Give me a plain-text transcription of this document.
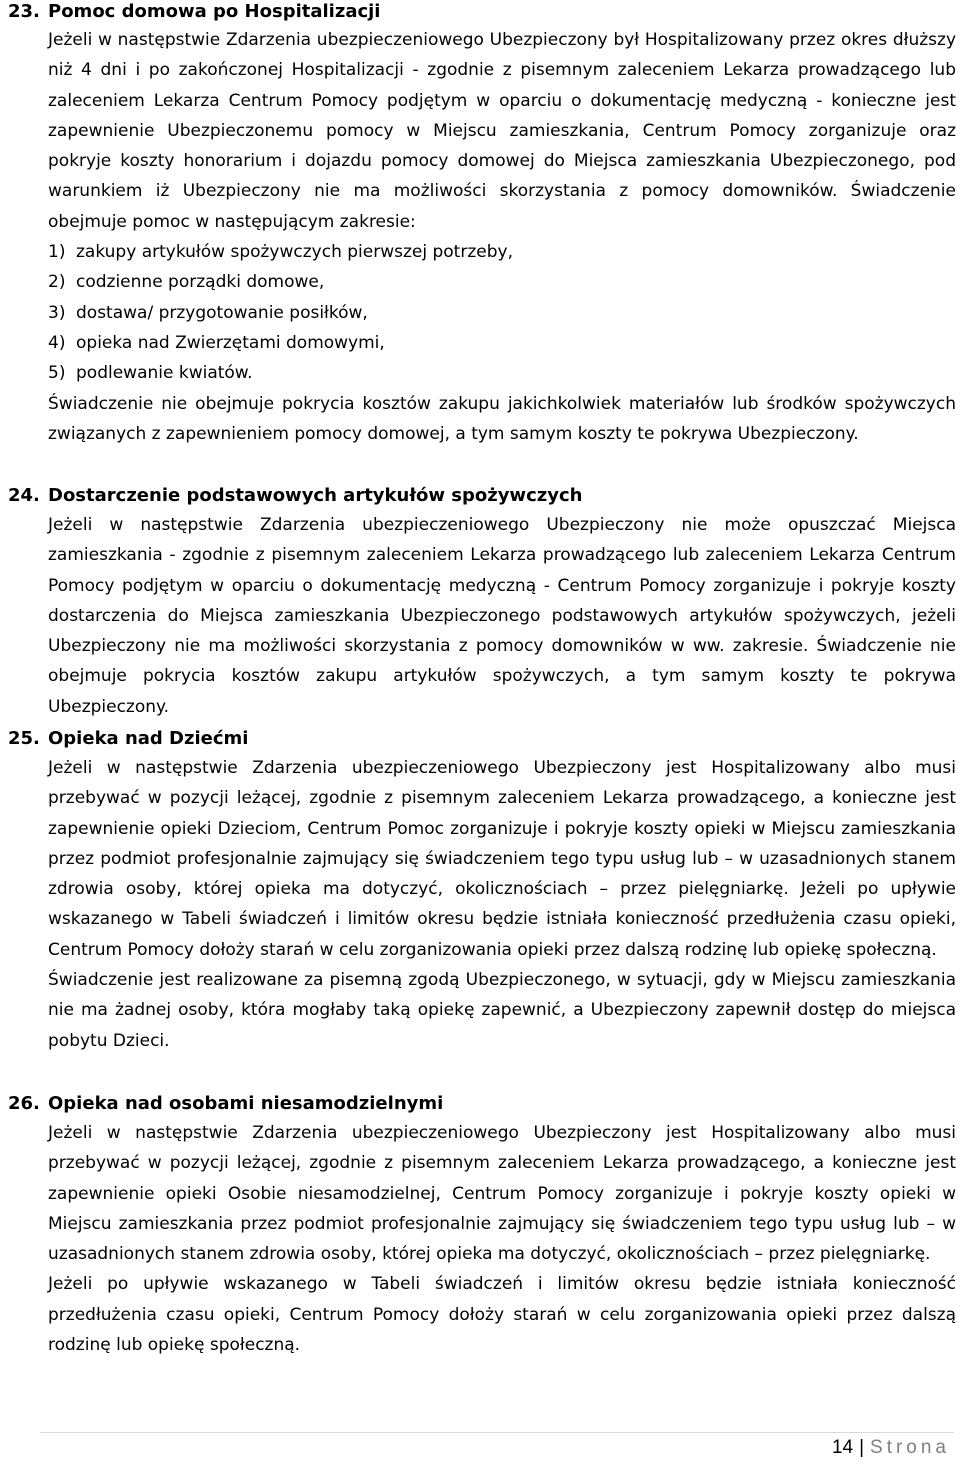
23. Pomoc domowa po Hospitalizacji

Jeżeli w następstwie Zdarzenia ubezpieczeniowego Ubezpieczony był Hospitalizowany przez okres dłuższy niż 4 dni i po zakończonej Hospitalizacji - zgodnie z pisemnym zaleceniem Lekarza prowadzącego lub zaleceniem Lekarza Centrum Pomocy podjętym w oparciu o dokumentację medyczną - konieczne jest zapewnienie Ubezpieczonemu pomocy w Miejscu zamieszkania, Centrum Pomocy zorganizuje oraz pokryje koszty honorarium i dojazdu pomocy domowej do Miejsca zamieszkania Ubezpieczonego, pod warunkiem iż Ubezpieczony nie ma możliwości skorzystania z pomocy domowników. Świadczenie obejmuje pomoc w następującym zakresie:

1) zakupy artykułów spożywczych pierwszej potrzeby,
2) codzienne porządki domowe,
3) dostawa/ przygotowanie posiłków,
4) opieka nad Zwierzętami domowymi,
5) podlewanie kwiatów.

Świadczenie nie obejmuje pokrycia kosztów zakupu jakichkolwiek materiałów lub środków spożywczych związanych z zapewnieniem pomocy domowej, a tym samym koszty te pokrywa Ubezpieczony.

24. Dostarczenie podstawowych artykułów spożywczych

Jeżeli w następstwie Zdarzenia ubezpieczeniowego Ubezpieczony nie może opuszczać Miejsca zamieszkania - zgodnie z pisemnym zaleceniem Lekarza prowadzącego lub zaleceniem Lekarza Centrum Pomocy podjętym w oparciu o dokumentację medyczną - Centrum Pomocy zorganizuje i pokryje koszty dostarczenia do Miejsca zamieszkania Ubezpieczonego podstawowych artykułów spożywczych, jeżeli Ubezpieczony nie ma możliwości skorzystania z pomocy domowników w ww. zakresie. Świadczenie nie obejmuje pokrycia kosztów zakupu artykułów spożywczych, a tym samym koszty te pokrywa Ubezpieczony.

25. Opieka nad Dziećmi

Jeżeli w następstwie Zdarzenia ubezpieczeniowego Ubezpieczony jest Hospitalizowany albo musi przebywać w pozycji leżącej, zgodnie z pisemnym zaleceniem Lekarza prowadzącego, a konieczne jest zapewnienie opieki Dzieciom, Centrum Pomoc zorganizuje i pokryje koszty opieki w Miejscu zamieszkania przez podmiot profesjonalnie zajmujący się świadczeniem tego typu usług lub – w uzasadnionych stanem zdrowia osoby, której opieka ma dotyczyć, okolicznościach – przez pielęgniarkę. Jeżeli po upływie wskazanego w Tabeli świadczeń i limitów okresu będzie istniała konieczność przedłużenia czasu opieki, Centrum Pomocy dołoży starań w celu zorganizowania opieki przez dalszą rodzinę lub opiekę społeczną.

Świadczenie jest realizowane za pisemną zgodą Ubezpieczonego, w sytuacji, gdy w Miejscu zamieszkania nie ma żadnej osoby, która mogłaby taką opiekę zapewnić, a Ubezpieczony zapewnił dostęp do miejsca pobytu Dzieci.

26. Opieka nad osobami niesamodzielnymi

Jeżeli w następstwie Zdarzenia ubezpieczeniowego Ubezpieczony jest Hospitalizowany albo musi przebywać w pozycji leżącej, zgodnie z pisemnym zaleceniem Lekarza prowadzącego, a konieczne jest zapewnienie opieki Osobie niesamodzielnej, Centrum Pomocy zorganizuje i pokryje koszty opieki w Miejscu zamieszkania przez podmiot profesjonalnie zajmujący się świadczeniem tego typu usług lub – w uzasadnionych stanem zdrowia osoby, której opieka ma dotyczyć, okolicznościach – przez pielęgniarkę.

Jeżeli po upływie wskazanego w Tabeli świadczeń i limitów okresu będzie istniała konieczność przedłużenia czasu opieki, Centrum Pomocy dołoży starań w celu zorganizowania opieki przez dalszą rodzinę lub opiekę społeczną.

14 | Strona
